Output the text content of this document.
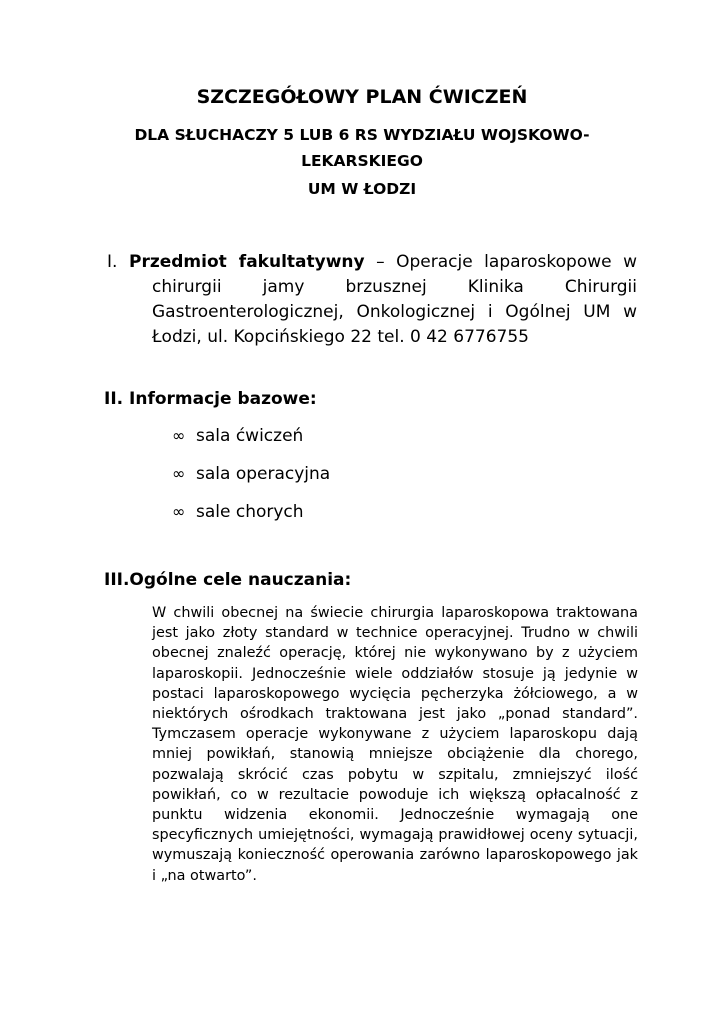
SZCZEGÓŁOWY PLAN ĆWICZEŃ
DLA SŁUCHACZY 5 LUB 6 RS WYDZIAŁU WOJSKOWO-LEKARSKIEGO
UM W ŁODZI
I. Przedmiot fakultatywny – Operacje laparoskopowe w chirurgii jamy brzusznej Klinika Chirurgii Gastroenterologicznej, Onkologicznej i Ogólnej UM w Łodzi, ul. Kopcińskiego 22 tel. 0 42 6776755
II. Informacje bazowe:
∞ sala ćwiczeń
∞ sala operacyjna
∞ sale chorych
III.Ogólne cele nauczania:
W chwili obecnej na świecie chirurgia laparoskopowa traktowana jest jako złoty standard w technice operacyjnej. Trudno w chwili obecnej znaleźć operację, której nie wykonywano by z użyciem laparoskopii. Jednocześnie wiele oddziałów stosuje ją jedynie w postaci laparoskopowego wycięcia pęcherzyka żółciowego, a w niektórych ośrodkach traktowana jest jako „ponad standard”. Tymczasem operacje wykonywane z użyciem laparoskopu dają mniej powikłań, stanowią mniejsze obciążenie dla chorego, pozwalają skrócić czas pobytu w szpitalu, zmniejszyć ilość powikłań, co w rezultacie powoduje ich większą opłacalność z punktu widzenia ekonomii. Jednocześnie wymagają one specyficznych umiejętności, wymagają prawidłowej oceny sytuacji, wymuszają konieczność operowania zarówno laparoskopowego jak i „na otwarto”.
